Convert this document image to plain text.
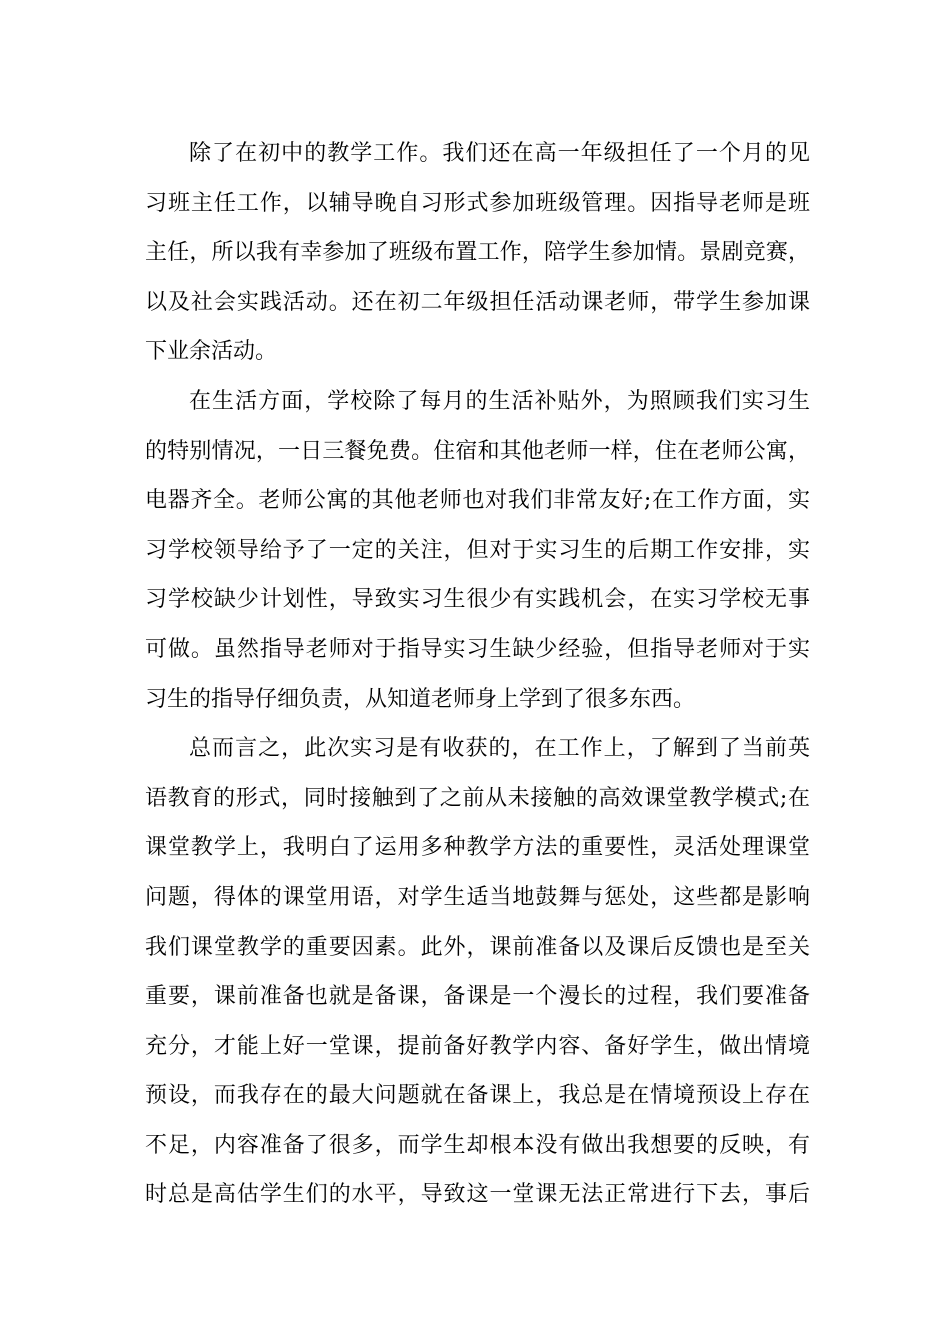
除了在初中的教学工作。我们还在高一年级担任了一个月的见
习班主任工作，以辅导晚自习形式参加班级管理。因指导老师是班
主任，所以我有幸参加了班级布置工作，陪学生参加情。景剧竞赛，
以及社会实践活动。还在初二年级担任活动课老师，带学生参加课
下业余活动。
在生活方面，学校除了每月的生活补贴外，为照顾我们实习生
的特别情况，一日三餐免费。住宿和其他老师一样，住在老师公寓，
电器齐全。老师公寓的其他老师也对我们非常友好;在工作方面，实
习学校领导给予了一定的关注，但对于实习生的后期工作安排，实
习学校缺少计划性，导致实习生很少有实践机会，在实习学校无事
可做。虽然指导老师对于指导实习生缺少经验，但指导老师对于实
习生的指导仔细负责，从知道老师身上学到了很多东西。
总而言之，此次实习是有收获的，在工作上，了解到了当前英
语教育的形式，同时接触到了之前从未接触的高效课堂教学模式;在
课堂教学上，我明白了运用多种教学方法的重要性，灵活处理课堂
问题，得体的课堂用语，对学生适当地鼓舞与惩处，这些都是影响
我们课堂教学的重要因素。此外，课前准备以及课后反馈也是至关
重要，课前准备也就是备课，备课是一个漫长的过程，我们要准备
充分，才能上好一堂课，提前备好教学内容、备好学生，做出情境
预设，而我存在的最大问题就在备课上，我总是在情境预设上存在
不足，内容准备了很多，而学生却根本没有做出我想要的反映，有
时总是高估学生们的水平，导致这一堂课无法正常进行下去，事后
